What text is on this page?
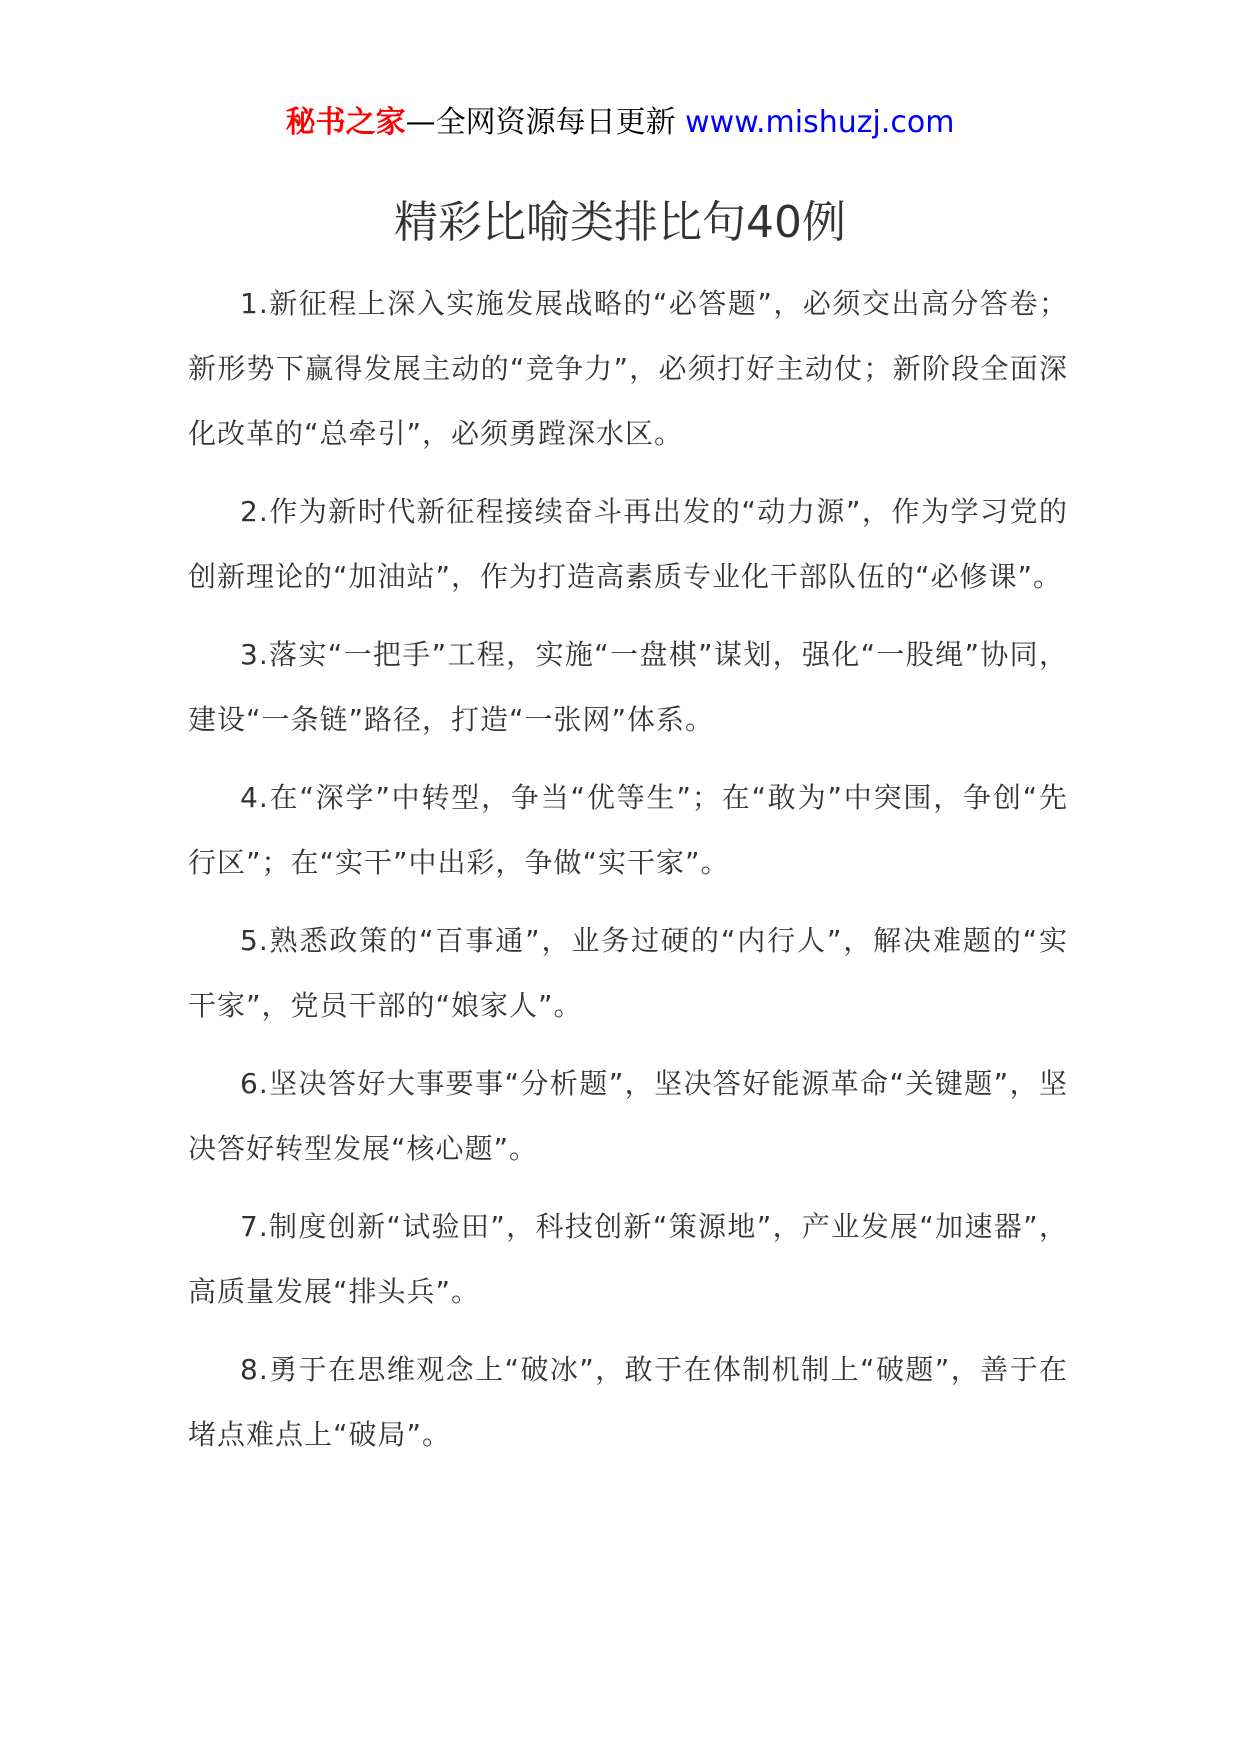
秘书之家—全网资源每日更新 www.mishuzj.com
精彩比喻类排比句40例

1.新征程上深入实施发展战略的“必答题”，必须交出高分答卷；新形势下赢得发展主动的“竞争力”，必须打好主动仗；新阶段全面深化改革的“总牵引”，必须勇蹚深水区。

2.作为新时代新征程接续奋斗再出发的“动力源”，作为学习党的创新理论的“加油站”，作为打造高素质专业化干部队伍的“必修课”。

3.落实“一把手”工程，实施“一盘棋”谋划，强化“一股绳”协同，建设“一条链”路径，打造“一张网”体系。

4.在“深学”中转型，争当“优等生”；在“敢为”中突围，争创“先行区”；在“实干”中出彩，争做“实干家”。

5.熟悉政策的“百事通”，业务过硬的“内行人”，解决难题的“实干家”，党员干部的“娘家人”。

6.坚决答好大事要事“分析题”，坚决答好能源革命“关键题”，坚决答好转型发展“核心题”。

7.制度创新“试验田”，科技创新“策源地”，产业发展“加速器”，高质量发展“排头兵”。

8.勇于在思维观念上“破冰”，敢于在体制机制上“破题”，善于在堵点难点上“破局”。
